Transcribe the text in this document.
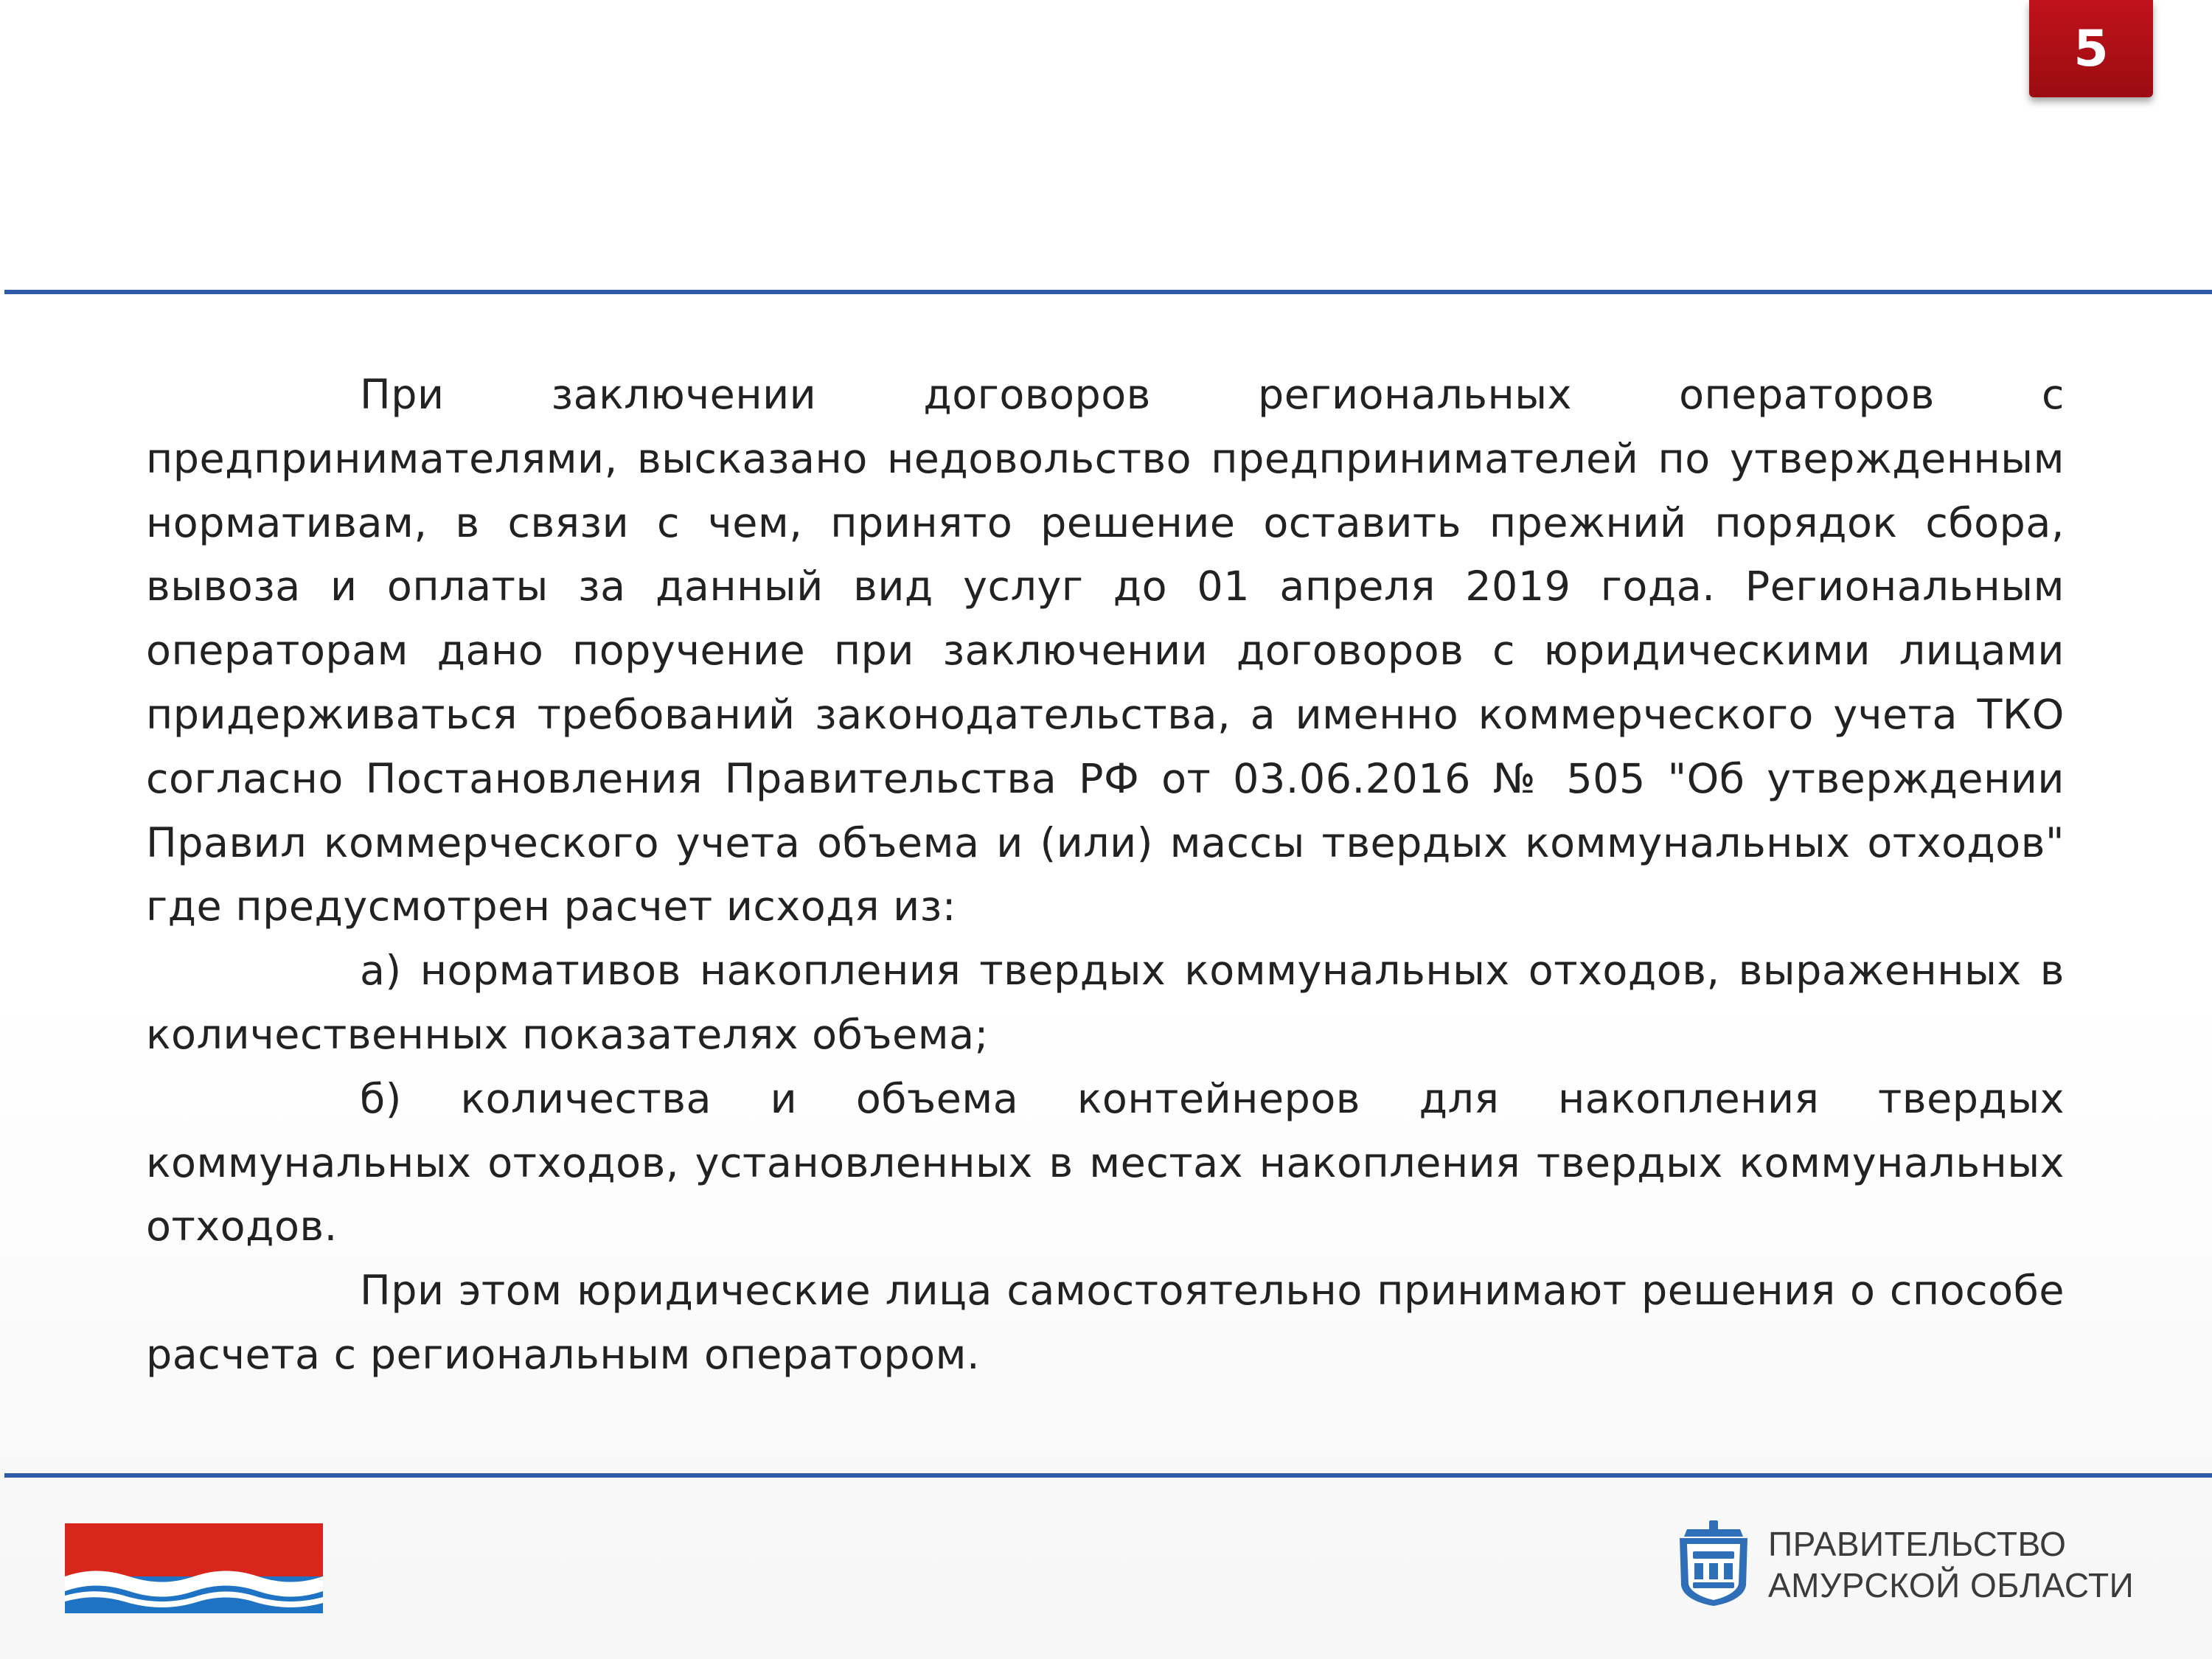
5

При заключении договоров региональных операторов с предпринимателями, высказано недовольство предпринимателей по утвержденным нормативам, в связи с чем, принято решение оставить прежний порядок сбора, вывоза и оплаты за данный вид услуг до 01 апреля 2019 года. Региональным операторам дано поручение при заключении договоров с юридическими лицами придерживаться требований законодательства, а именно коммерческого учета ТКО согласно Постановления Правительства РФ от 03.06.2016 № 505 "Об утверждении Правил коммерческого учета объема и (или) массы твердых коммунальных отходов" где предусмотрен расчет исходя из:

а) нормативов накопления твердых коммунальных отходов, выраженных в количественных показателях объема;

б) количества и объема контейнеров для накопления твердых коммунальных отходов, установленных в местах накопления твердых коммунальных отходов.

При этом юридические лица самостоятельно принимают решения о способе расчета с региональным оператором.

ПРАВИТЕЛЬСТВО
АМУРСКОЙ ОБЛАСТИ
